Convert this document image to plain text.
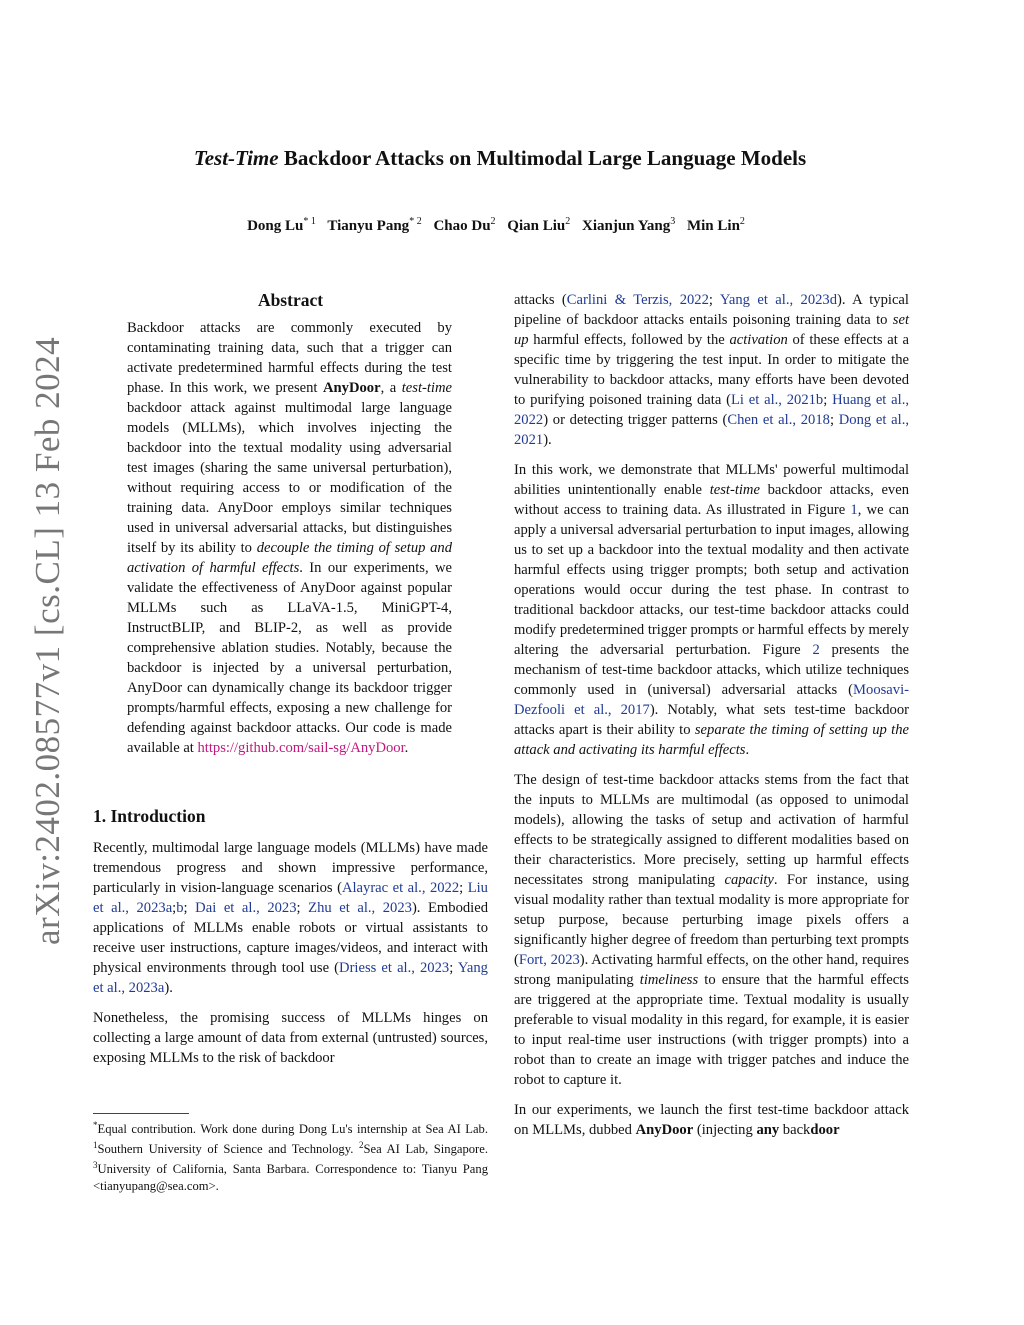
arXiv:2402.08577v1 [cs.CL] 13 Feb 2024
Test-Time Backdoor Attacks on Multimodal Large Language Models
Dong Lu$^{* 1}$ Tianyu Pang$^{* 2}$ Chao Du$^2$ Qian Liu$^2$ Xianjun Yang$^3$ Min Lin$^2$
Abstract
Backdoor attacks are commonly executed by contaminating training data, such that a trigger can activate predetermined harmful effects during the test phase. In this work, we present AnyDoor, a test-time backdoor attack against multimodal large language models (MLLMs), which involves injecting the backdoor into the textual modality using adversarial test images (sharing the same universal perturbation), without requiring access to or modification of the training data. AnyDoor employs similar techniques used in universal adversarial attacks, but distinguishes itself by its ability to decouple the timing of setup and activation of harmful effects. In our experiments, we validate the effectiveness of AnyDoor against popular MLLMs such as LLaVA-1.5, MiniGPT-4, InstructBLIP, and BLIP-2, as well as provide comprehensive ablation studies. Notably, because the backdoor is injected by a universal perturbation, AnyDoor can dynamically change its backdoor trigger prompts/harmful effects, exposing a new challenge for defending against backdoor attacks. Our code is made available at https://github.com/sail-sg/AnyDoor.
1. Introduction

Recently, multimodal large language models (MLLMs) have made tremendous progress and shown impressive performance, particularly in vision-language scenarios (Alayrac et al., 2022; Liu et al., 2023a;b; Dai et al., 2023; Zhu et al., 2023). Embodied applications of MLLMs enable robots or virtual assistants to receive user instructions, capture images/videos, and interact with physical environments through tool use (Driess et al., 2023; Yang et al., 2023a).

Nonetheless, the promising success of MLLMs hinges on collecting a large amount of data from external (untrusted) sources, exposing MLLMs to the risk of backdoor

*Equal contribution. Work done during Dong Lu's internship at Sea AI Lab. $^1$Southern University of Science and Technology. $^2$Sea AI Lab, Singapore. $^3$University of California, Santa Barbara. Correspondence to: Tianyu Pang <tianyupang@sea.com>.

attacks (Carlini & Terzis, 2022; Yang et al., 2023d). A typical pipeline of backdoor attacks entails poisoning training data to set up harmful effects, followed by the activation of these effects at a specific time by triggering the test input. In order to mitigate the vulnerability to backdoor attacks, many efforts have been devoted to purifying poisoned training data (Li et al., 2021b; Huang et al., 2022) or detecting trigger patterns (Chen et al., 2018; Dong et al., 2021).

In this work, we demonstrate that MLLMs' powerful multimodal abilities unintentionally enable test-time backdoor attacks, even without access to training data. As illustrated in Figure 1, we can apply a universal adversarial perturbation to input images, allowing us to set up a backdoor into the textual modality and then activate harmful effects using trigger prompts; both setup and activation operations would occur during the test phase. In contrast to traditional backdoor attacks, our test-time backdoor attacks could modify predetermined trigger prompts or harmful effects by merely altering the adversarial perturbation. Figure 2 presents the mechanism of test-time backdoor attacks, which utilize techniques commonly used in (universal) adversarial attacks (Moosavi-Dezfooli et al., 2017). Notably, what sets test-time backdoor attacks apart is their ability to separate the timing of setting up the attack and activating its harmful effects.

The design of test-time backdoor attacks stems from the fact that the inputs to MLLMs are multimodal (as opposed to unimodal models), allowing the tasks of setup and activation of harmful effects to be strategically assigned to different modalities based on their characteristics. More precisely, setting up harmful effects necessitates strong manipulating capacity. For instance, using visual modality rather than textual modality is more appropriate for setup purpose, because perturbing image pixels offers a significantly higher degree of freedom than perturbing text prompts (Fort, 2023). Activating harmful effects, on the other hand, requires strong manipulating timeliness to ensure that the harmful effects are triggered at the appropriate time. Textual modality is usually preferable to visual modality in this regard, for example, it is easier to input real-time user instructions (with trigger prompts) into a robot than to create an image with trigger patches and induce the robot to capture it.

In our experiments, we launch the first test-time backdoor attack on MLLMs, dubbed AnyDoor (injecting any backdoor
